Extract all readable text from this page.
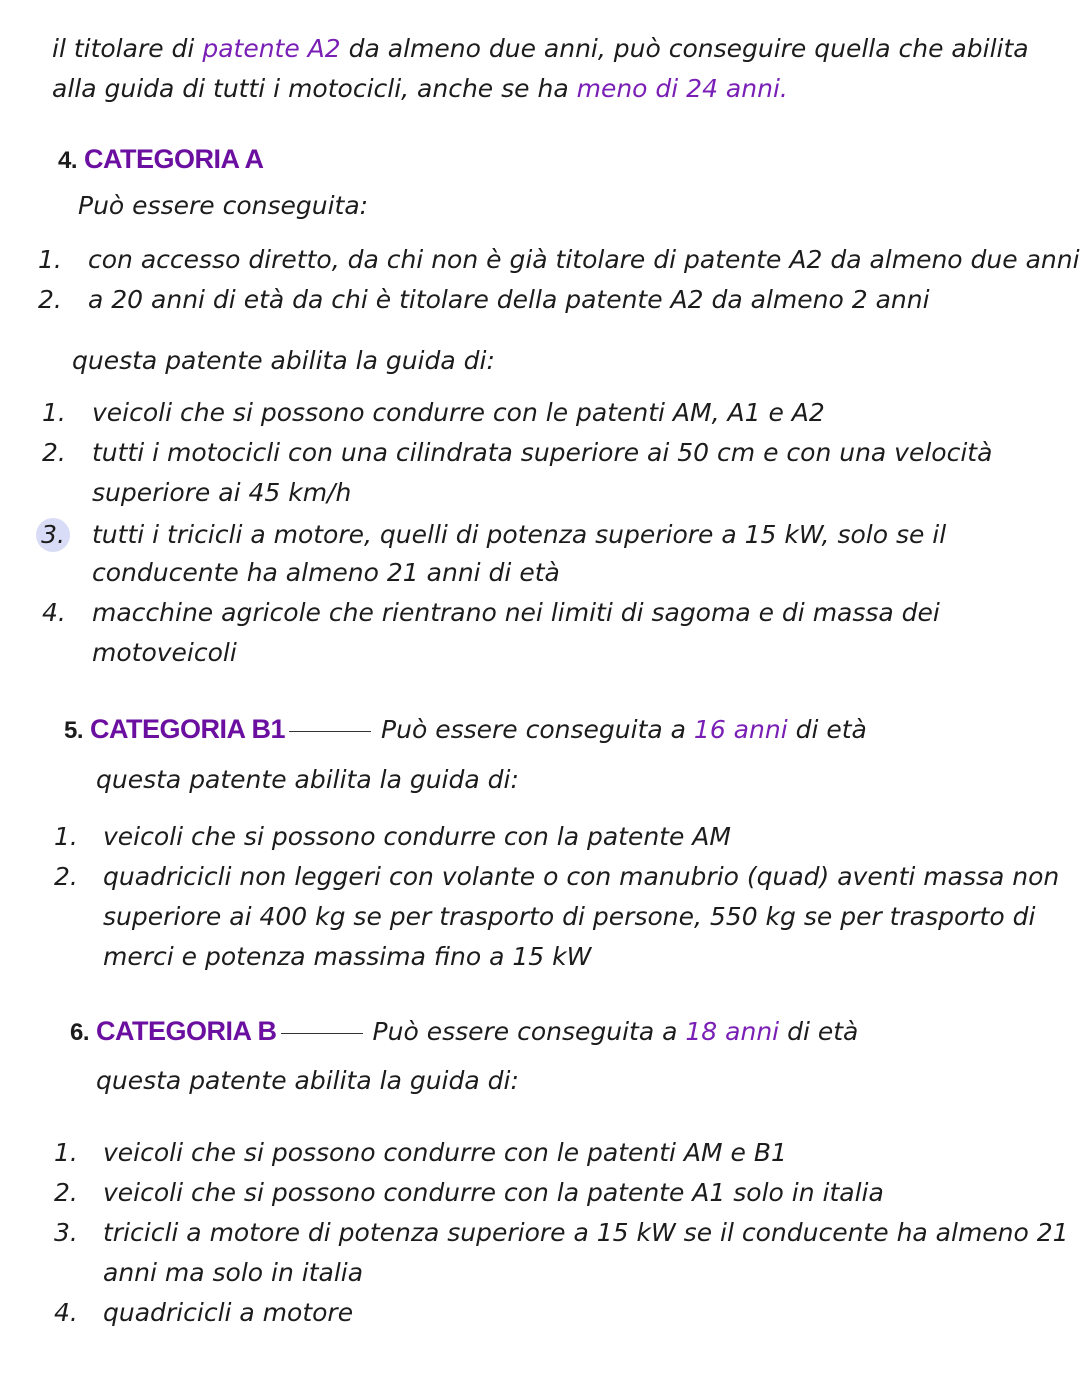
il titolare di patente A2 da almeno due anni, può conseguire quella che abilita
alla guida di tutti i motocicli, anche se ha meno di 24 anni.
4. CATEGORIA A
Può essere conseguita:
1. con accesso diretto, da chi non è già titolare di patente A2 da almeno due anni
2. a 20 anni di età da chi è titolare della patente A2 da almeno 2 anni
questa patente abilita la guida di:
1. veicoli che si possono condurre con le patenti AM, A1 e A2
2. tutti i motocicli con una cilindrata superiore ai 50 cm e con una velocità
superiore ai 45 km/h
3. tutti i tricicli a motore, quelli di potenza superiore a 15 kW, solo se il
conducente ha almeno 21 anni di età
4. macchine agricole che rientrano nei limiti di sagoma e di massa dei
motoveicoli
5. CATEGORIA B1	Può essere conseguita a 16 anni di età
questa patente abilita la guida di:
1. veicoli che si possono condurre con la patente AM
2. quadricicli non leggeri con volante o con manubrio (quad) aventi massa non
superiore ai 400 kg se per trasporto di persone, 550 kg se per trasporto di
merci e potenza massima fino a 15 kW
6. CATEGORIA B	Può essere conseguita a 18 anni di età
questa patente abilita la guida di:
1. veicoli che si possono condurre con le patenti AM e B1
2. veicoli che si possono condurre con la patente A1 solo in italia
3. tricicli a motore di potenza superiore a 15 kW se il conducente ha almeno 21
anni ma solo in italia
4. quadricicli a motore
